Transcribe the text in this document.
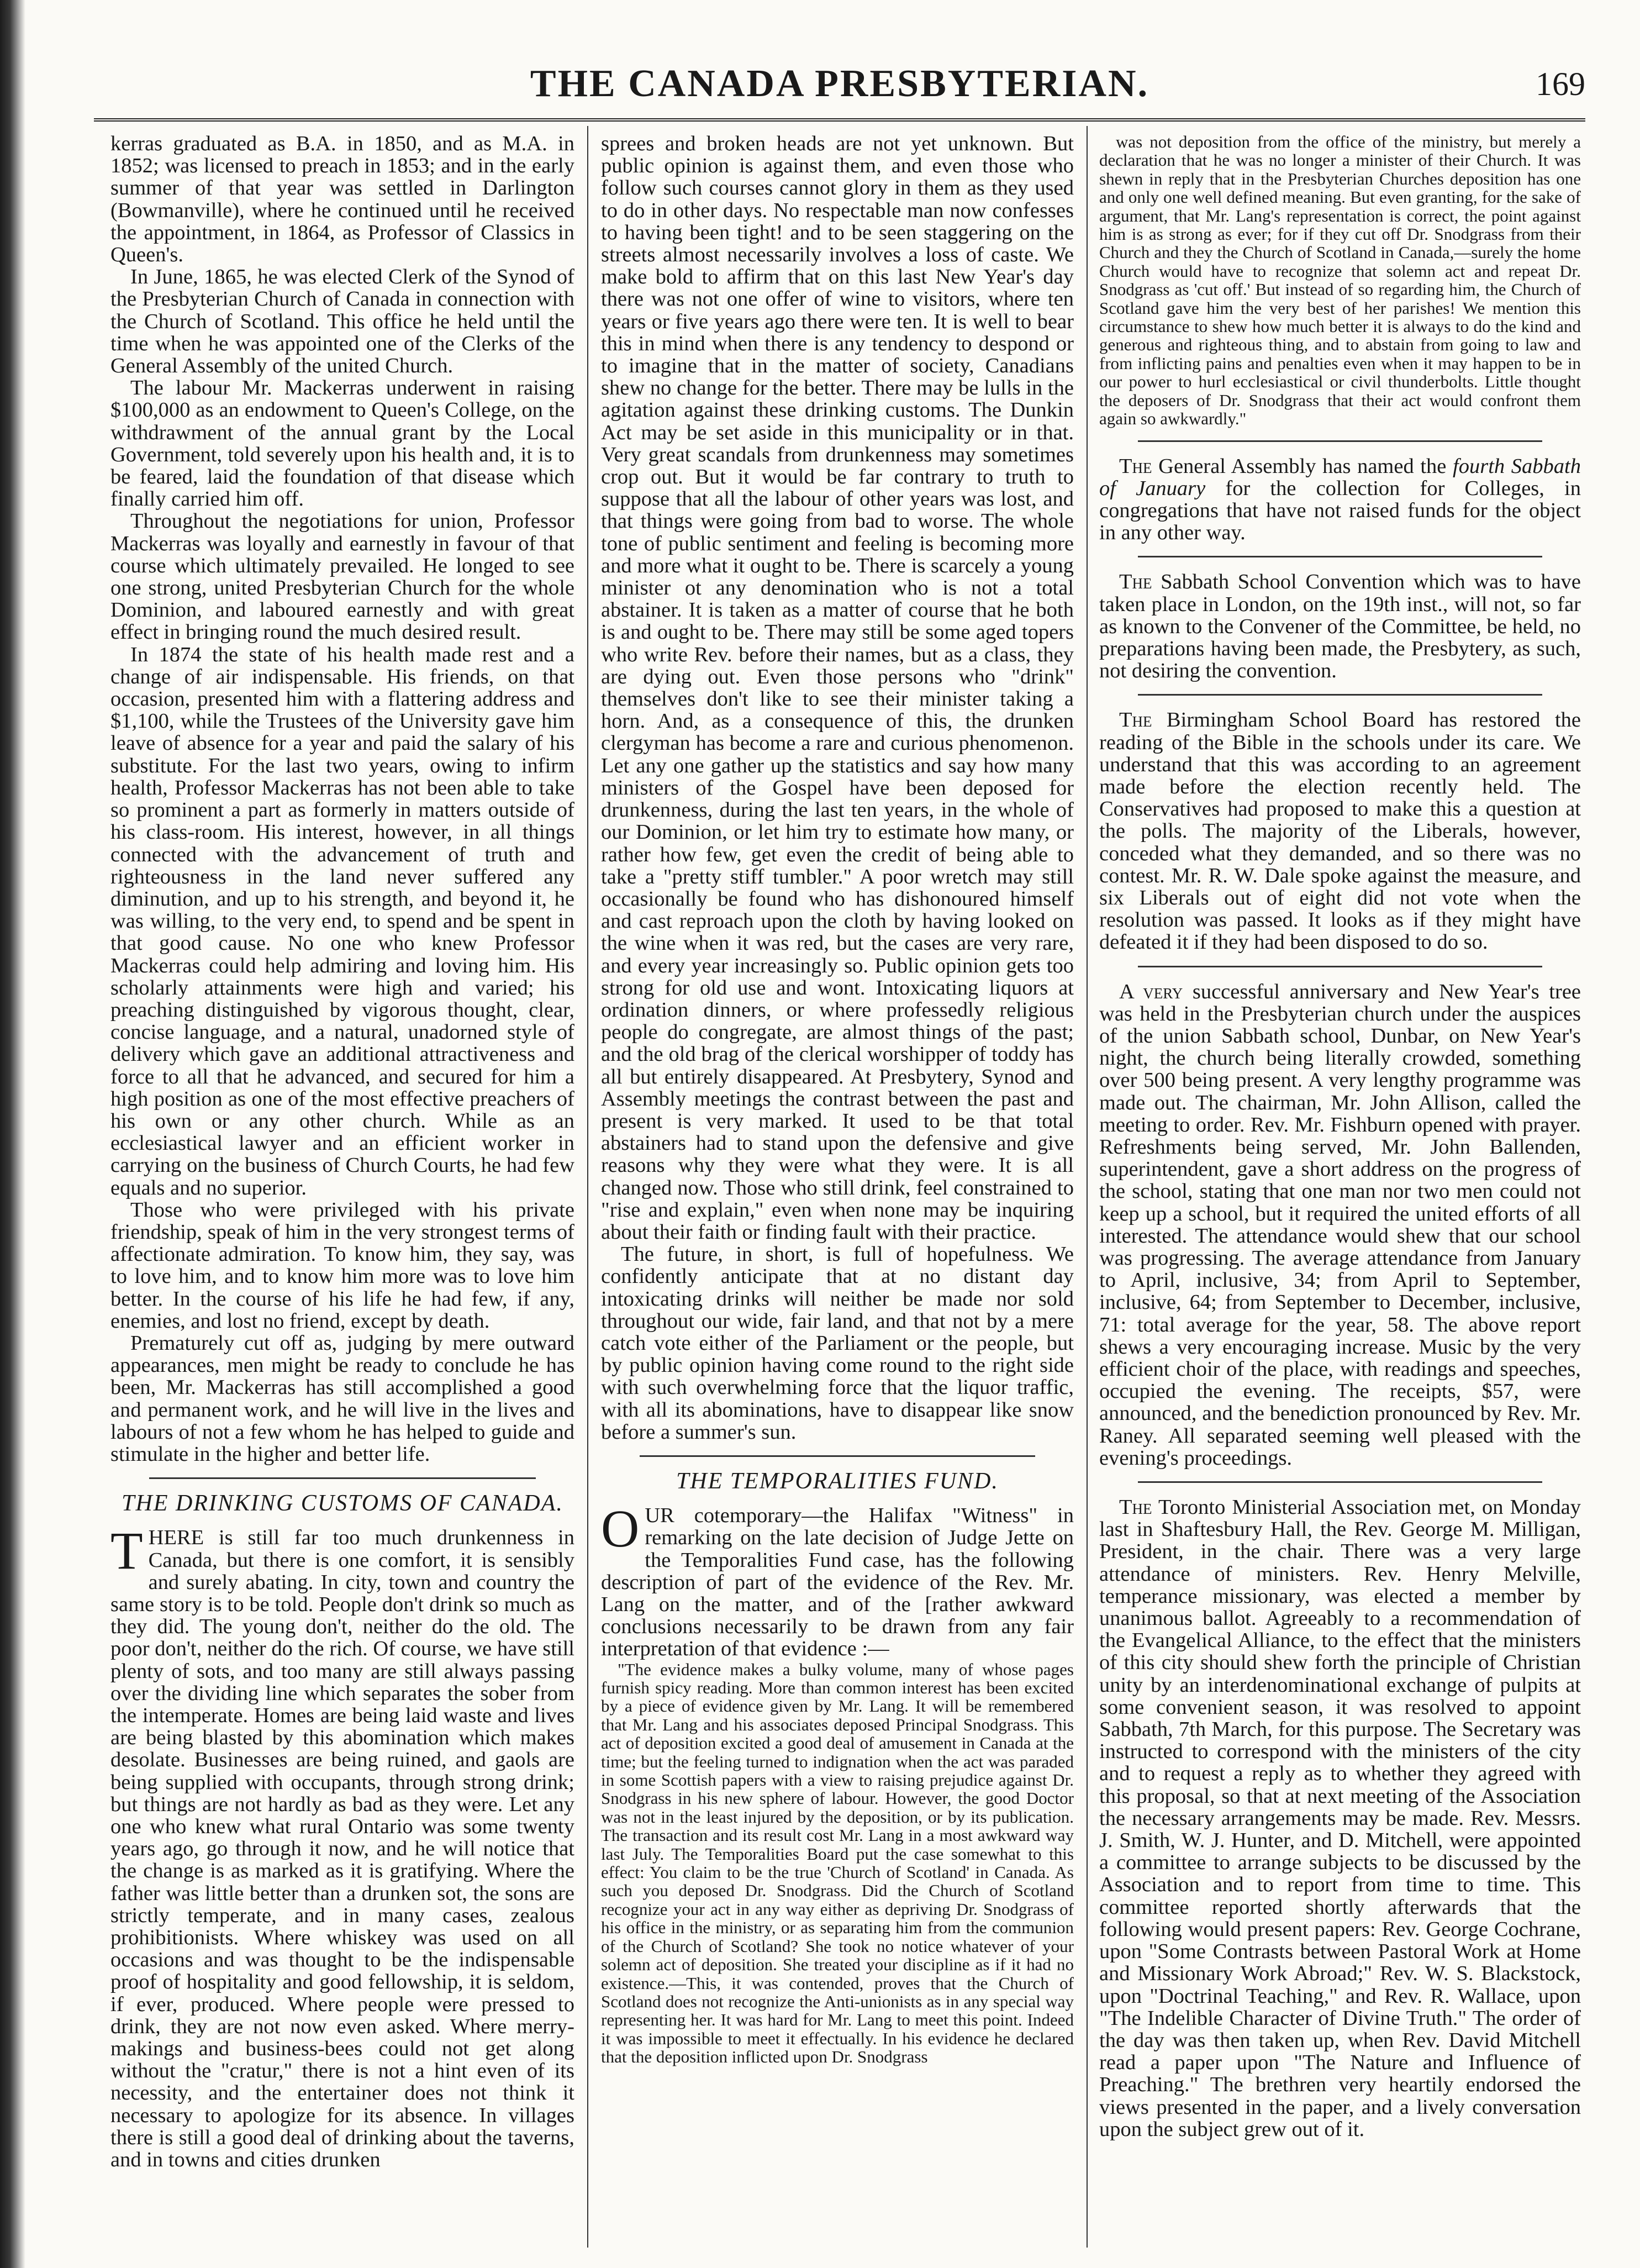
THE CANADA PRESBYTERIAN.	169

kerras graduated as B.A. in 1850, and as M.A. in 1852; was licensed to preach in 1853; and in the early summer of that year was settled in Darlington (Bowmanville), where he continued until he received the appointment, in 1864, as Professor of Classics in Queen's.

In June, 1865, he was elected Clerk of the Synod of the Presbyterian Church of Canada in connection with the Church of Scotland. This office he held until the time when he was appointed one of the Clerks of the General Assembly of the united Church.

The labour Mr. Mackerras underwent in raising $100,000 as an endowment to Queen's College, on the withdrawment of the annual grant by the Local Government, told severely upon his health and, it is to be feared, laid the foundation of that disease which finally carried him off.

Throughout the negotiations for union, Professor Mackerras was loyally and earnestly in favour of that course which ultimately prevailed. He longed to see one strong, united Presbyterian Church for the whole Dominion, and laboured earnestly and with great effect in bringing round the much desired result.

In 1874 the state of his health made rest and a change of air indispensable. His friends, on that occasion, presented him with a flattering address and $1,100, while the Trustees of the University gave him leave of absence for a year and paid the salary of his substitute. For the last two years, owing to infirm health, Professor Mackerras has not been able to take so prominent a part as formerly in matters outside of his class-room. His interest, however, in all things connected with the advancement of truth and righteousness in the land never suffered any diminution, and up to his strength, and beyond it, he was willing, to the very end, to spend and be spent in that good cause. No one who knew Professor Mackerras could help admiring and loving him. His scholarly attainments were high and varied; his preaching distinguished by vigorous thought, clear, concise language, and a natural, unadorned style of delivery which gave an additional attractiveness and force to all that he advanced, and secured for him a high position as one of the most effective preachers of his own or any other church. While as an ecclesiastical lawyer and an efficient worker in carrying on the business of Church Courts, he had few equals and no superior.

Those who were privileged with his private friendship, speak of him in the very strongest terms of affectionate admiration. To know him, they say, was to love him, and to know him more was to love him better. In the course of his life he had few, if any, enemies, and lost no friend, except by death.

Prematurely cut off as, judging by mere outward appearances, men might be ready to conclude he has been, Mr. Mackerras has still accomplished a good and permanent work, and he will live in the lives and labours of not a few whom he has helped to guide and stimulate in the higher and better life.

THE DRINKING CUSTOMS OF CANADA.

THERE is still far too much drunkenness in Canada, but there is one comfort, it is sensibly and surely abating. In city, town and country the same story is to be told. People don't drink so much as they did. The young don't, neither do the old. The poor don't, neither do the rich. Of course, we have still plenty of sots, and too many are still always passing over the dividing line which separates the sober from the intemperate. Homes are being laid waste and lives are being blasted by this abomination which makes desolate. Businesses are being ruined, and gaols are being supplied with occupants, through strong drink; but things are not hardly as bad as they were. Let any one who knew what rural Ontario was some twenty years ago, go through it now, and he will notice that the change is as marked as it is gratifying. Where the father was little better than a drunken sot, the sons are strictly temperate, and in many cases, zealous prohibitionists. Where whiskey was used on all occasions and was thought to be the indispensable proof of hospitality and good fellowship, it is seldom, if ever, produced. Where people were pressed to drink, they are not now even asked. Where merry-makings and business-bees could not get along without the "cratur," there is not a hint even of its necessity, and the entertainer does not think it necessary to apologize for its absence. In villages there is still a good deal of drinking about the taverns, and in towns and cities drunken

sprees and broken heads are not yet unknown. But public opinion is against them, and even those who follow such courses cannot glory in them as they used to do in other days. No respectable man now confesses to having been tight! and to be seen staggering on the streets almost necessarily involves a loss of caste. We make bold to affirm that on this last New Year's day there was not one offer of wine to visitors, where ten years or five years ago there were ten. It is well to bear this in mind when there is any tendency to despond or to imagine that in the matter of society, Canadians shew no change for the better. There may be lulls in the agitation against these drinking customs. The Dunkin Act may be set aside in this municipality or in that. Very great scandals from drunkenness may sometimes crop out. But it would be far contrary to truth to suppose that all the labour of other years was lost, and that things were going from bad to worse. The whole tone of public sentiment and feeling is becoming more and more what it ought to be. There is scarcely a young minister ot any denomination who is not a total abstainer. It is taken as a matter of course that he both is and ought to be. There may still be some aged topers who write Rev. before their names, but as a class, they are dying out. Even those persons who "drink" themselves don't like to see their minister taking a horn. And, as a consequence of this, the drunken clergyman has become a rare and curious phenomenon. Let any one gather up the statistics and say how many ministers of the Gospel have been deposed for drunkenness, during the last ten years, in the whole of our Dominion, or let him try to estimate how many, or rather how few, get even the credit of being able to take a "pretty stiff tumbler." A poor wretch may still occasionally be found who has dishonoured himself and cast reproach upon the cloth by having looked on the wine when it was red, but the cases are very rare, and every year increasingly so. Public opinion gets too strong for old use and wont. Intoxicating liquors at ordination dinners, or where professedly religious people do congregate, are almost things of the past; and the old brag of the clerical worshipper of toddy has all but entirely disappeared. At Presbytery, Synod and Assembly meetings the contrast between the past and present is very marked. It used to be that total abstainers had to stand upon the defensive and give reasons why they were what they were. It is all changed now. Those who still drink, feel constrained to "rise and explain," even when none may be inquiring about their faith or finding fault with their practice.

The future, in short, is full of hopefulness. We confidently anticipate that at no distant day intoxicating drinks will neither be made nor sold throughout our wide, fair land, and that not by a mere catch vote either of the Parliament or the people, but by public opinion having come round to the right side with such overwhelming force that the liquor traffic, with all its abominations, have to disappear like snow before a summer's sun.

THE TEMPORALITIES FUND.

OUR cotemporary—the Halifax "Witness" in remarking on the late decision of Judge Jette on the Temporalities Fund case, has the following description of part of the evidence of the Rev. Mr. Lang on the matter, and of the [rather awkward conclusions necessarily to be drawn from any fair interpretation of that evidence :—

"The evidence makes a bulky volume, many of whose pages furnish spicy reading. More than common interest has been excited by a piece of evidence given by Mr. Lang. It will be remembered that Mr. Lang and his associates deposed Principal Snodgrass. This act of deposition excited a good deal of amusement in Canada at the time; but the feeling turned to indignation when the act was paraded in some Scottish papers with a view to raising prejudice against Dr. Snodgrass in his new sphere of labour. However, the good Doctor was not in the least injured by the deposition, or by its publication. The transaction and its result cost Mr. Lang in a most awkward way last July. The Temporalities Board put the case somewhat to this effect: You claim to be the true 'Church of Scotland' in Canada. As such you deposed Dr. Snodgrass. Did the Church of Scotland recognize your act in any way either as depriving Dr. Snodgrass of his office in the ministry, or as separating him from the communion of the Church of Scotland? She took no notice whatever of your solemn act of deposition. She treated your discipline as if it had no existence.—This, it was contended, proves that the Church of Scotland does not recognize the Anti-unionists as in any special way representing her. It was hard for Mr. Lang to meet this point. Indeed it was impossible to meet it effectually. In his evidence he declared that the deposition inflicted upon Dr. Snodgrass

was not deposition from the office of the ministry, but merely a declaration that he was no longer a minister of their Church. It was shewn in reply that in the Presbyterian Churches deposition has one and only one well defined meaning. But even granting, for the sake of argument, that Mr. Lang's representation is correct, the point against him is as strong as ever; for if they cut off Dr. Snodgrass from their Church and they the Church of Scotland in Canada,—surely the home Church would have to recognize that solemn act and repeat Dr. Snodgrass as 'cut off.' But instead of so regarding him, the Church of Scotland gave him the very best of her parishes! We mention this circumstance to shew how much better it is always to do the kind and generous and righteous thing, and to abstain from going to law and from inflicting pains and penalties even when it may happen to be in our power to hurl ecclesiastical or civil thunderbolts. Little thought the deposers of Dr. Snodgrass that their act would confront them again so awkwardly."

The General Assembly has named the fourth Sabbath of January for the collection for Colleges, in congregations that have not raised funds for the object in any other way.

The Sabbath School Convention which was to have taken place in London, on the 19th inst., will not, so far as known to the Convener of the Committee, be held, no preparations having been made, the Presbytery, as such, not desiring the convention.

The Birmingham School Board has restored the reading of the Bible in the schools under its care. We understand that this was according to an agreement made before the election recently held. The Conservatives had proposed to make this a question at the polls. The majority of the Liberals, however, conceded what they demanded, and so there was no contest. Mr. R. W. Dale spoke against the measure, and six Liberals out of eight did not vote when the resolution was passed. It looks as if they might have defeated it if they had been disposed to do so.

A very successful anniversary and New Year's tree was held in the Presbyterian church under the auspices of the union Sabbath school, Dunbar, on New Year's night, the church being literally crowded, something over 500 being present. A very lengthy programme was made out. The chairman, Mr. John Allison, called the meeting to order. Rev. Mr. Fishburn opened with prayer. Refreshments being served, Mr. John Ballenden, superintendent, gave a short address on the progress of the school, stating that one man nor two men could not keep up a school, but it required the united efforts of all interested. The attendance would shew that our school was progressing. The average attendance from January to April, inclusive, 34; from April to September, inclusive, 64; from September to December, inclusive, 71: total average for the year, 58. The above report shews a very encouraging increase. Music by the very efficient choir of the place, with readings and speeches, occupied the evening. The receipts, $57, were announced, and the benediction pronounced by Rev. Mr. Raney. All separated seeming well pleased with the evening's proceedings.

The Toronto Ministerial Association met, on Monday last in Shaftesbury Hall, the Rev. George M. Milligan, President, in the chair. There was a very large attendance of ministers. Rev. Henry Melville, temperance missionary, was elected a member by unanimous ballot. Agreeably to a recommendation of the Evangelical Alliance, to the effect that the ministers of this city should shew forth the principle of Christian unity by an interdenominational exchange of pulpits at some convenient season, it was resolved to appoint Sabbath, 7th March, for this purpose. The Secretary was instructed to correspond with the ministers of the city and to request a reply as to whether they agreed with this proposal, so that at next meeting of the Association the necessary arrangements may be made. Rev. Messrs. J. Smith, W. J. Hunter, and D. Mitchell, were appointed a committee to arrange subjects to be discussed by the Association and to report from time to time. This committee reported shortly afterwards that the following would present papers: Rev. George Cochrane, upon "Some Contrasts between Pastoral Work at Home and Missionary Work Abroad;" Rev. W. S. Blackstock, upon "Doctrinal Teaching," and Rev. R. Wallace, upon "The Indelible Character of Divine Truth." The order of the day was then taken up, when Rev. David Mitchell read a paper upon "The Nature and Influence of Preaching." The brethren very heartily endorsed the views presented in the paper, and a lively conversation upon the subject grew out of it.
